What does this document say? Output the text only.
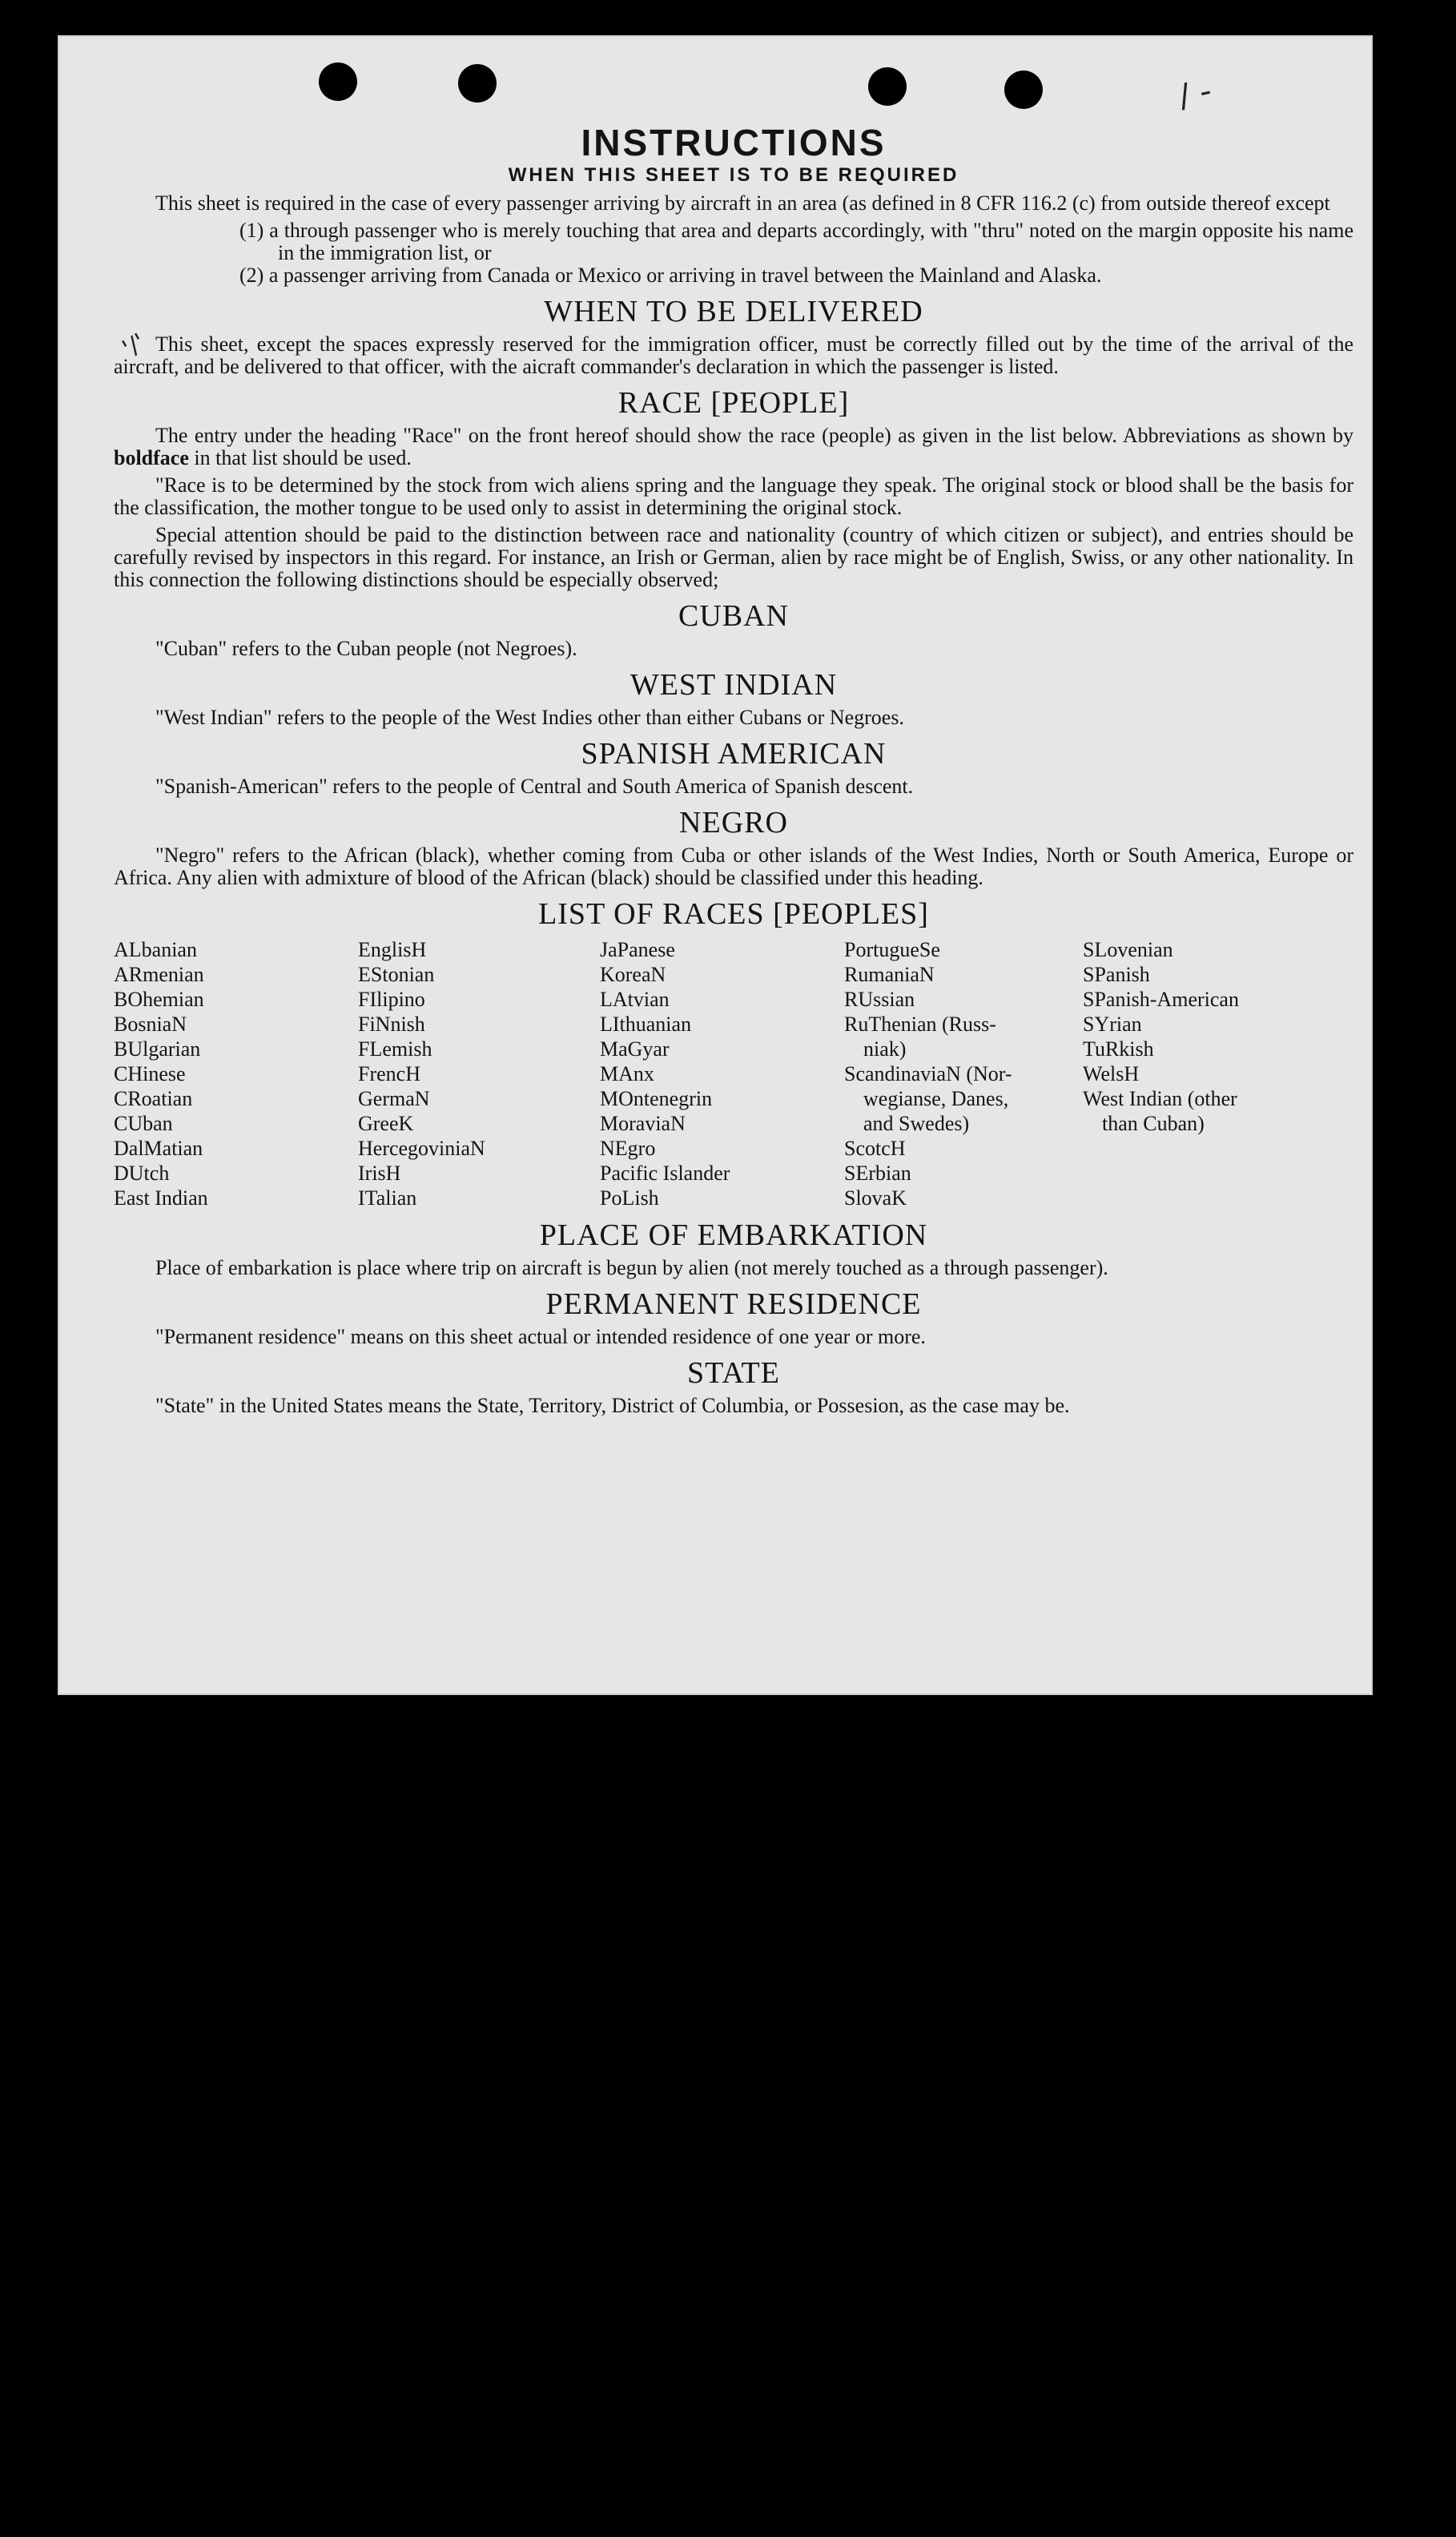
/ -
'/'
INSTRUCTIONS
WHEN THIS SHEET IS TO BE REQUIRED

This sheet is required in the case of every passenger arriving by aircraft in an area (as defined in 8 CFR 116.2 (c) from outside thereof except

(1) a through passenger who is merely touching that area and departs accordingly, with "thru" noted on the margin opposite his name in the immigration list, or

(2) a passenger arriving from Canada or Mexico or arriving in travel between the Mainland and Alaska.

WHEN TO BE DELIVERED

This sheet, except the spaces expressly reserved for the immigration officer, must be correctly filled out by the time of the arrival of the aircraft, and be delivered to that officer, with the aicraft commander's declaration in which the passenger is listed.

RACE [PEOPLE]

The entry under the heading "Race" on the front hereof should show the race (people) as given in the list below. Abbreviations as shown by boldface in that list should be used.

"Race is to be determined by the stock from wich aliens spring and the language they speak. The original stock or blood shall be the basis for the classification, the mother tongue to be used only to assist in determining the original stock.

Special attention should be paid to the distinction between race and nationality (country of which citizen or subject), and entries should be carefully revised by inspectors in this regard. For instance, an Irish or German, alien by race might be of English, Swiss, or any other nationality. In this connection the following distinctions should be especially observed;

CUBAN

"Cuban" refers to the Cuban people (not Negroes).

WEST INDIAN

"West Indian" refers to the people of the West Indies other than either Cubans or Negroes.

SPANISH AMERICAN

"Spanish-American" refers to the people of Central and South America of Spanish descent.

NEGRO

"Negro" refers to the African (black), whether coming from Cuba or other islands of the West Indies, North or South America, Europe or Africa. Any alien with admixture of blood of the African (black) should be classified under this heading.

LIST OF RACES [PEOPLES]
ALbanian
ARmenian
BOhemian
BosniaN
BUlgarian
CHinese
CRoatian
CUban
DalMatian
DUtch
East Indian
EnglisH
EStonian
FIlipino
FiNnish
FLemish
FrencH
GermaN
GreeK
HercegoviniaN
IrisH
ITalian
JaPanese
KoreaN
LAtvian
LIthuanian
MaGyar
MAnx
MOntenegrin
MoraviaN
NEgro
Pacific Islander
PoLish
PortugueSe
RumaniaN
RUssian
RuThenian (Russ-
niak)
ScandinaviaN (Nor-
wegianse, Danes,
and Swedes)
ScotcH
SErbian
SlovaK
SLovenian
SPanish
SPanish-American
SYrian
TuRkish
WelsH
West Indian (other
than Cuban)
PLACE OF EMBARKATION

Place of embarkation is place where trip on aircraft is begun by alien (not merely touched as a through passenger).

PERMANENT RESIDENCE

"Permanent residence" means on this sheet actual or intended residence of one year or more.

STATE

"State" in the United States means the State, Territory, District of Columbia, or Possesion, as the case may be.
